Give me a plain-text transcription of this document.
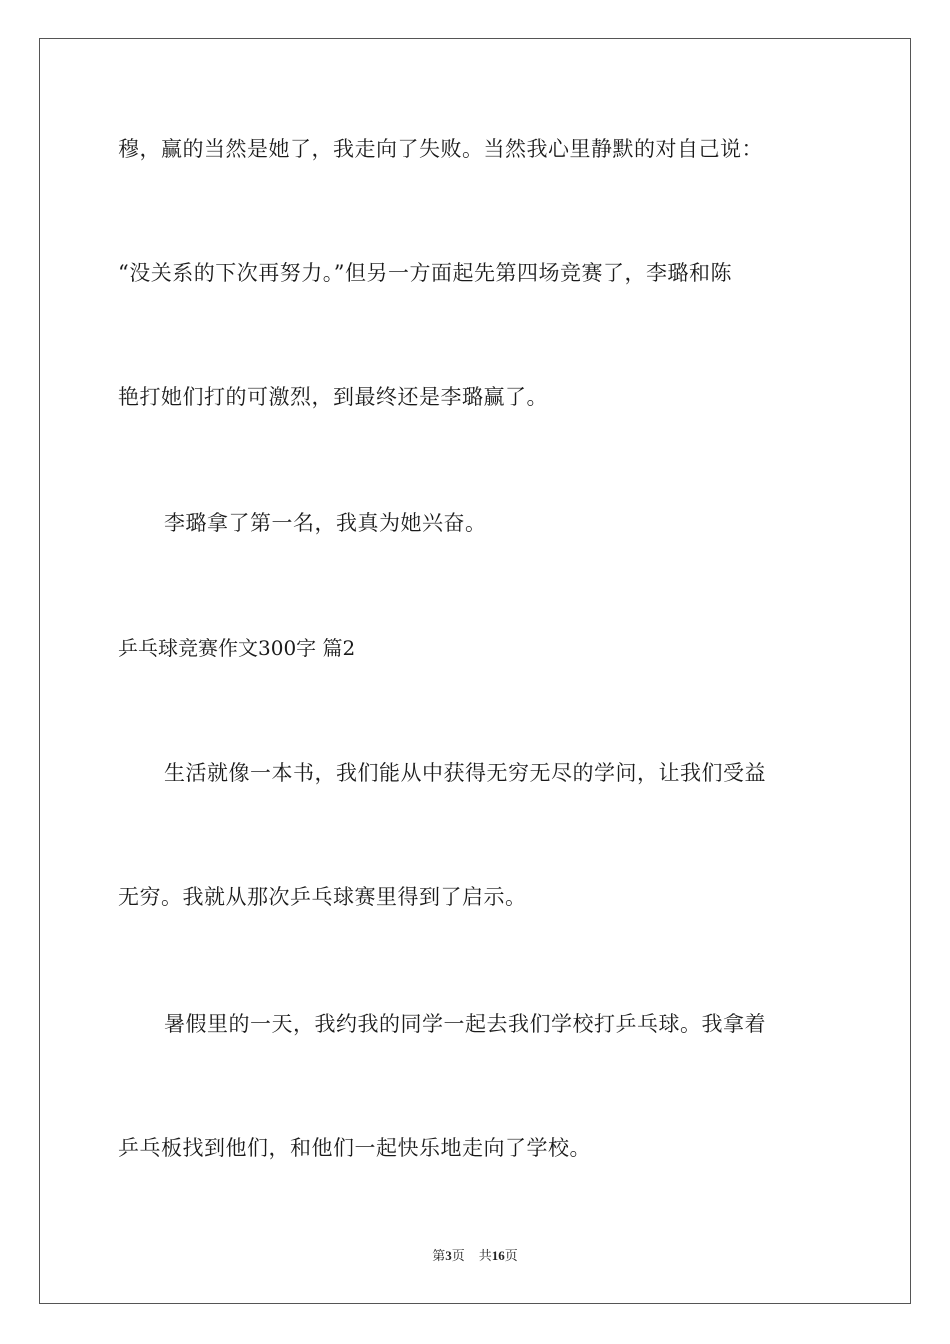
穆，赢的当然是她了，我走向了失败。当然我心里静默的对自己说：
“没关系的下次再努力。”但另一方面起先第四场竞赛了，李璐和陈
艳打她们打的可激烈，到最终还是李璐赢了。
李璐拿了第一名，我真为她兴奋。
乒乓球竞赛作文300字 篇2
生活就像一本书，我们能从中获得无穷无尽的学问，让我们受益
无穷。我就从那次乒乓球赛里得到了启示。
暑假里的一天，我约我的同学一起去我们学校打乒乓球。我拿着
乒乓板找到他们，和他们一起快乐地走向了学校。
第3页 共16页
